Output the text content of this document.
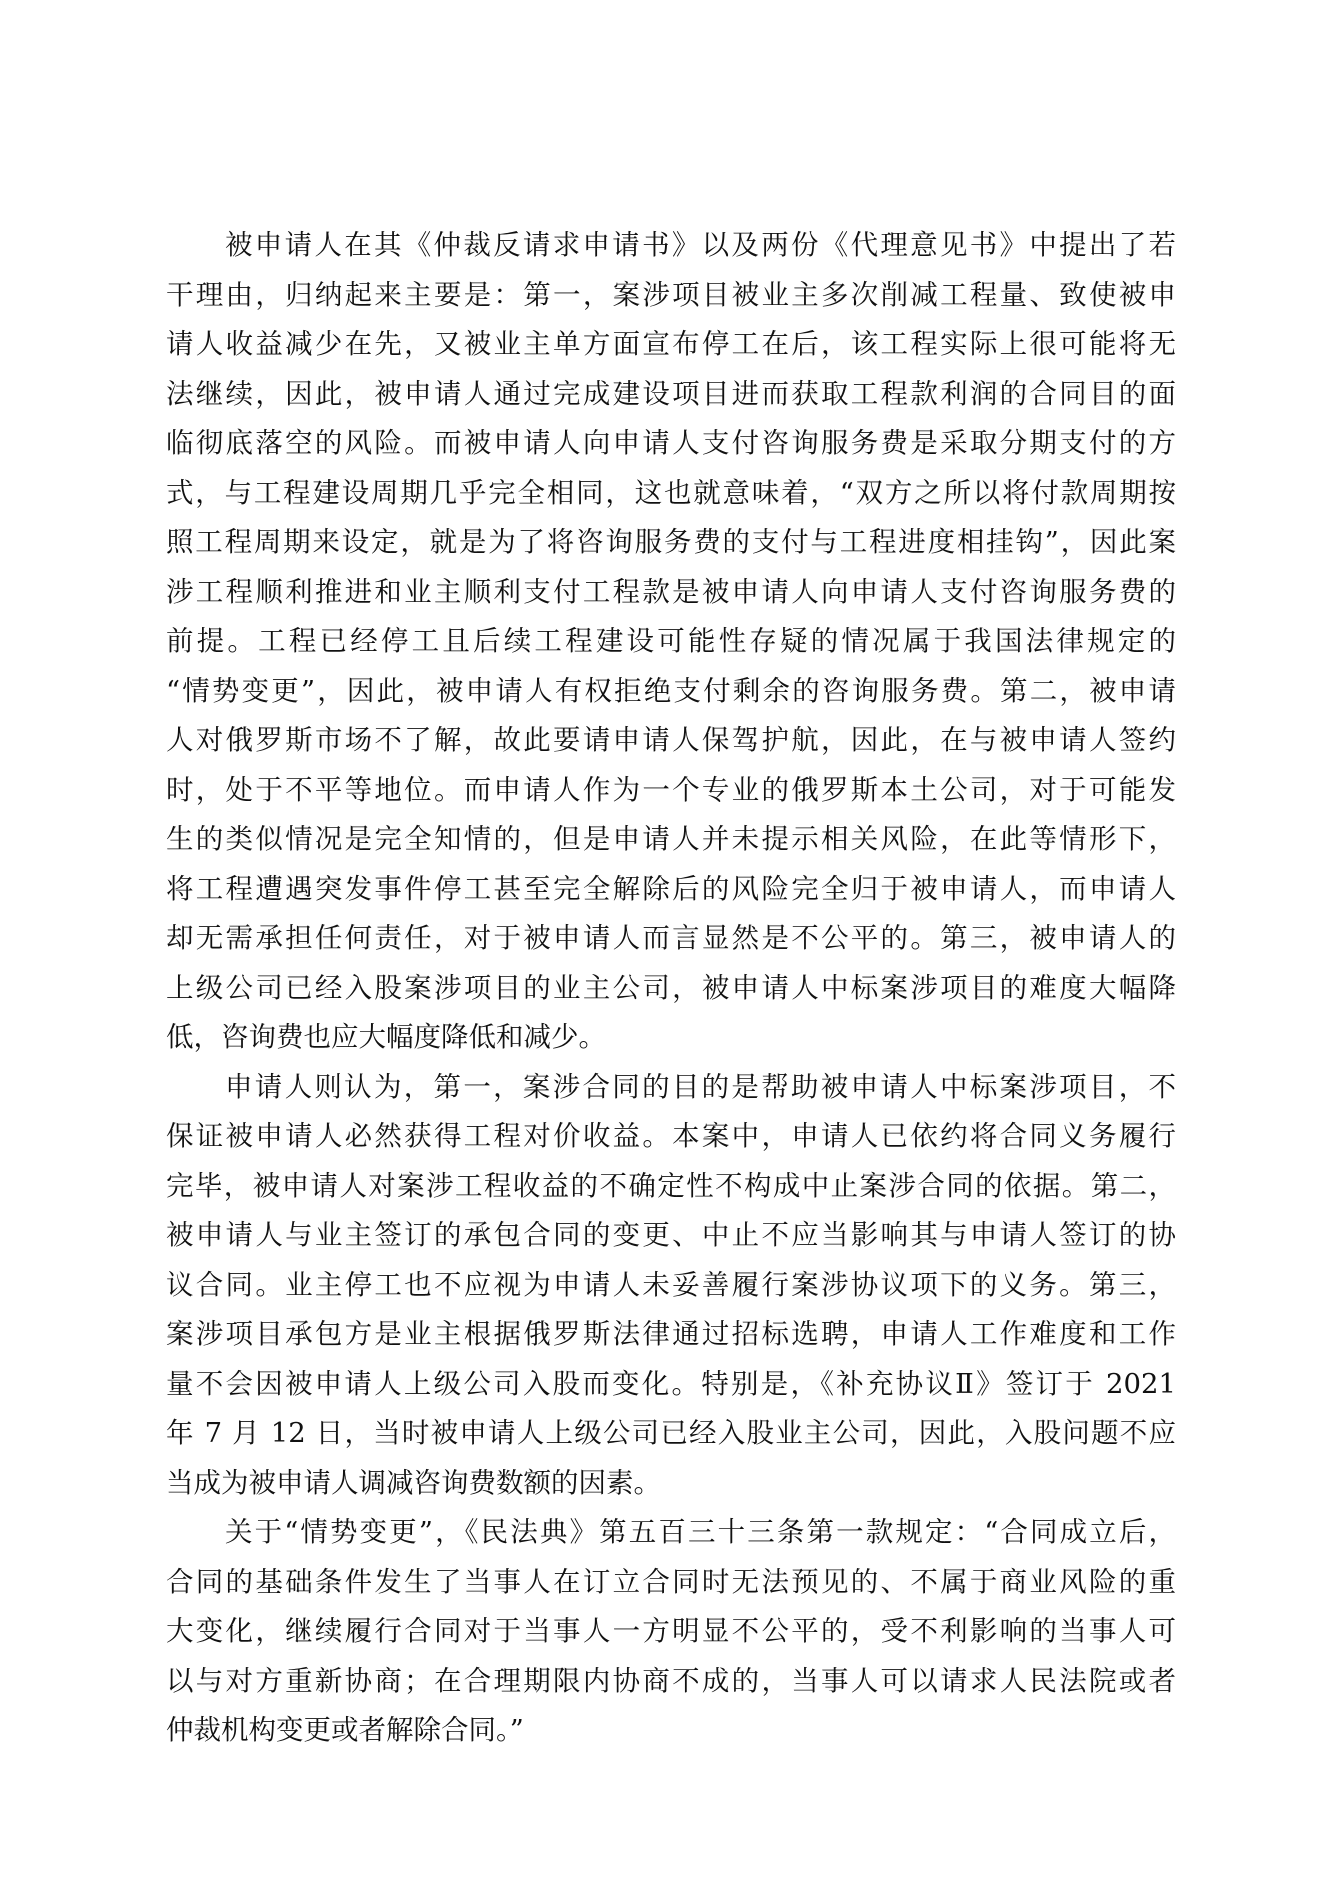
被申请人在其《仲裁反请求申请书》以及两份《代理意见书》中提出了若
干理由，归纳起来主要是：第一，案涉项目被业主多次削减工程量、致使被申
请人收益减少在先，又被业主单方面宣布停工在后，该工程实际上很可能将无
法继续，因此，被申请人通过完成建设项目进而获取工程款利润的合同目的面
临彻底落空的风险。而被申请人向申请人支付咨询服务费是采取分期支付的方
式，与工程建设周期几乎完全相同，这也就意味着，“双方之所以将付款周期按
照工程周期来设定，就是为了将咨询服务费的支付与工程进度相挂钩”，因此案
涉工程顺利推进和业主顺利支付工程款是被申请人向申请人支付咨询服务费的
前提。工程已经停工且后续工程建设可能性存疑的情况属于我国法律规定的
“情势变更”，因此，被申请人有权拒绝支付剩余的咨询服务费。第二，被申请
人对俄罗斯市场不了解，故此要请申请人保驾护航，因此，在与被申请人签约
时，处于不平等地位。而申请人作为一个专业的俄罗斯本土公司，对于可能发
生的类似情况是完全知情的，但是申请人并未提示相关风险，在此等情形下，
将工程遭遇突发事件停工甚至完全解除后的风险完全归于被申请人，而申请人
却无需承担任何责任，对于被申请人而言显然是不公平的。第三，被申请人的
上级公司已经入股案涉项目的业主公司，被申请人中标案涉项目的难度大幅降
低，咨询费也应大幅度降低和减少。
申请人则认为，第一，案涉合同的目的是帮助被申请人中标案涉项目，不
保证被申请人必然获得工程对价收益。本案中，申请人已依约将合同义务履行
完毕，被申请人对案涉工程收益的不确定性不构成中止案涉合同的依据。第二，
被申请人与业主签订的承包合同的变更、中止不应当影响其与申请人签订的协
议合同。业主停工也不应视为申请人未妥善履行案涉协议项下的义务。第三，
案涉项目承包方是业主根据俄罗斯法律通过招标选聘，申请人工作难度和工作
量不会因被申请人上级公司入股而变化。特别是，《补充协议Ⅱ》签订于 2021
年 7 月 12 日，当时被申请人上级公司已经入股业主公司，因此，入股问题不应
当成为被申请人调减咨询费数额的因素。
关于“情势变更”，《民法典》第五百三十三条第一款规定：“合同成立后，
合同的基础条件发生了当事人在订立合同时无法预见的、不属于商业风险的重
大变化，继续履行合同对于当事人一方明显不公平的，受不利影响的当事人可
以与对方重新协商；在合理期限内协商不成的，当事人可以请求人民法院或者
仲裁机构变更或者解除合同。”
